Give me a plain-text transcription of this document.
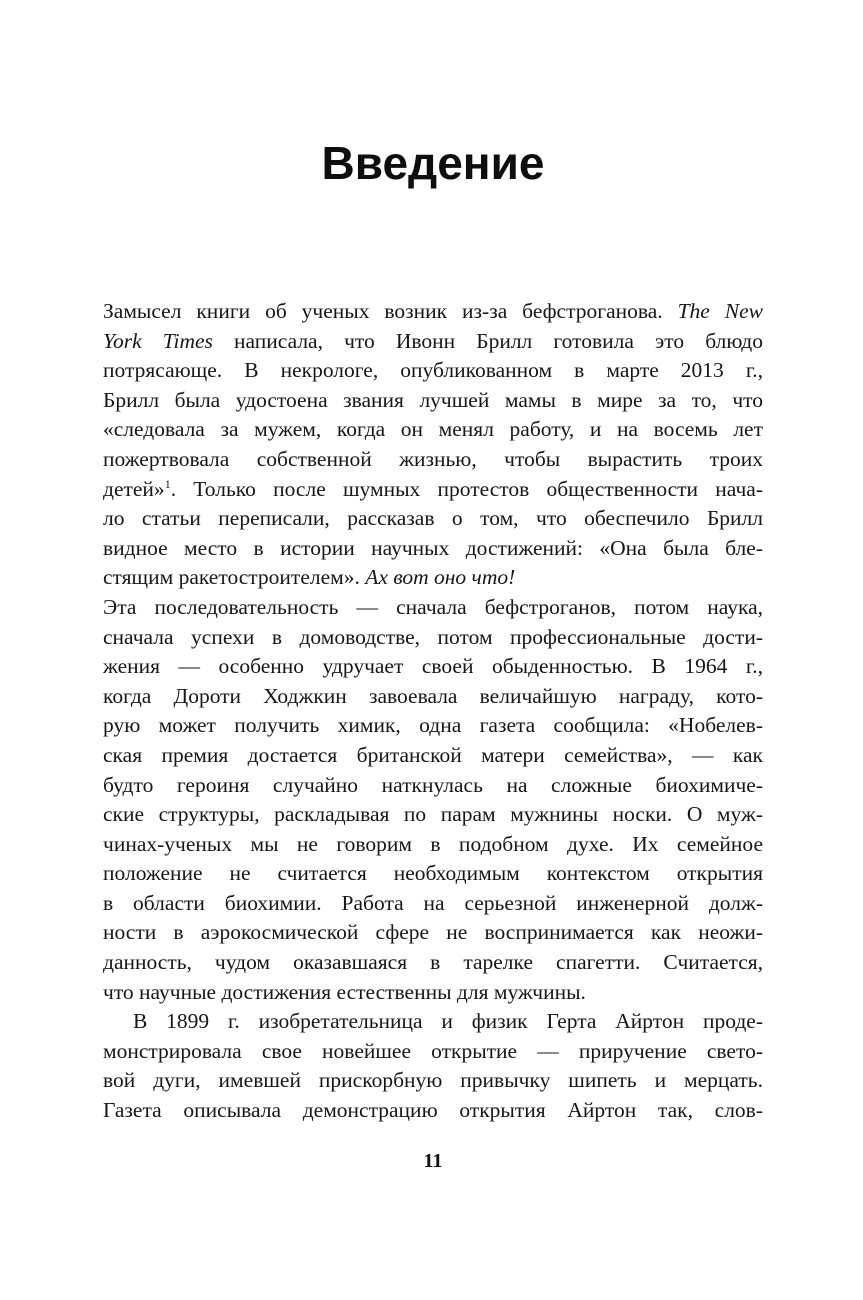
Введение
Замысел книги об ученых возник из-за бефстроганова. The New
York Times написала, что Ивонн Брилл готовила это блюдо
потрясающе. В некрологе, опубликованном в марте 2013 г.,
Брилл была удостоена звания лучшей мамы в мире за то, что
«следовала за мужем, когда он менял работу, и на восемь лет
пожертвовала собственной жизнью, чтобы вырастить троих
детей»$^1$. Только после шумных протестов общественности нача-
ло статьи переписали, рассказав о том, что обеспечило Брилл
видное место в истории научных достижений: «Она была бле-
стящим ракетостроителем». Ах вот оно что!
Эта последовательность — сначала бефстроганов, потом наука,
сначала успехи в домоводстве, потом профессиональные дости-
жения — особенно удручает своей обыденностью. В 1964 г.,
когда Дороти Ходжкин завоевала величайшую награду, кото-
рую может получить химик, одна газета сообщила: «Нобелев-
ская премия достается британской матери семейства», — как
будто героиня случайно наткнулась на сложные биохимиче-
ские структуры, раскладывая по парам мужнины носки. О муж-
чинах-ученых мы не говорим в подобном духе. Их семейное
положение не считается необходимым контекстом открытия
в области биохимии. Работа на серьезной инженерной долж-
ности в аэрокосмической сфере не воспринимается как неожи-
данность, чудом оказавшаяся в тарелке спагетти. Считается,
что научные достижения естественны для мужчины.
В 1899 г. изобретательница и физик Герта Айртон проде-
монстрировала свое новейшее открытие — приручение свето-
вой дуги, имевшей прискорбную привычку шипеть и мерцать.
Газета описывала демонстрацию открытия Айртон так, слов-
11
